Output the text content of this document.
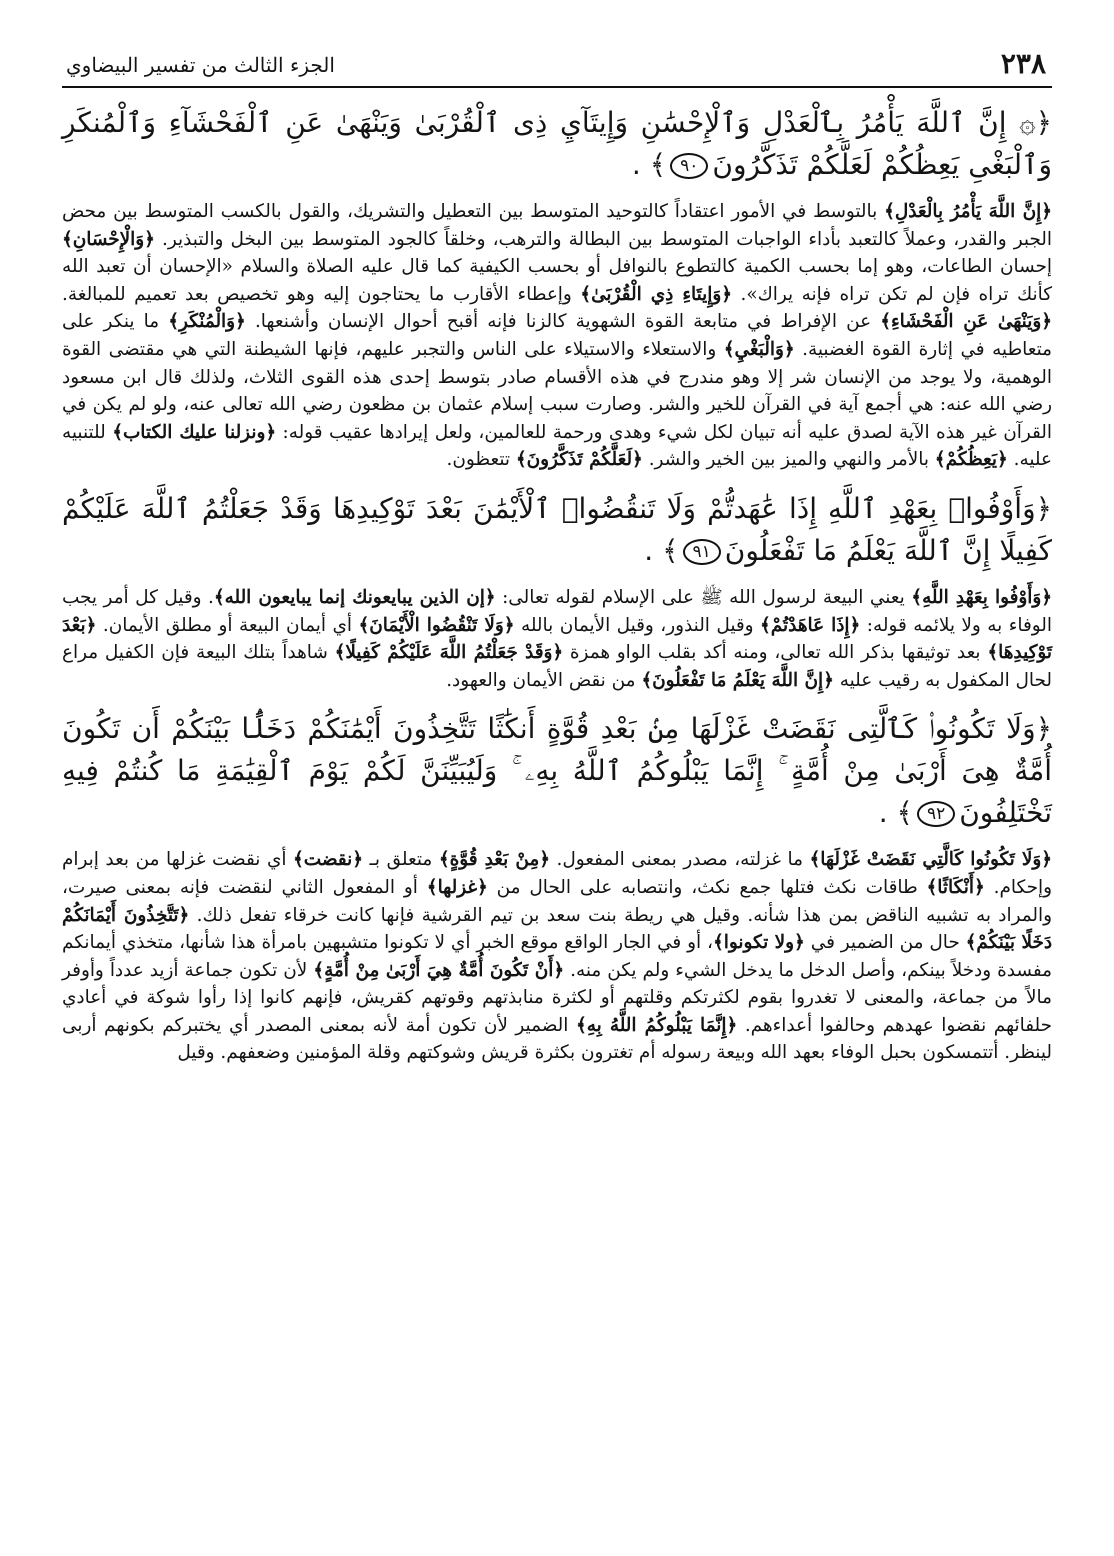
٢٣٨
الجزء الثالث من تفسير البيضاوي

﴿۞ إِنَّ ٱللَّهَ يَأْمُرُ بِٱلْعَدْلِ وَٱلْإِحْسَٰنِ وَإِيتَآيِ ذِى ٱلْقُرْبَىٰ وَيَنْهَىٰ عَنِ ٱلْفَحْشَآءِ وَٱلْمُنكَرِ وَٱلْبَغْىِ يَعِظُكُمْ لَعَلَّكُمْ تَذَكَّرُونَ٩٠﴾ .

﴿إِنَّ اللَّهَ يَأْمُرُ بِالْعَدْلِ﴾ بالتوسط في الأمور اعتقاداً كالتوحيد المتوسط بين التعطيل والتشريك، والقول بالكسب المتوسط بين محض الجبر والقدر، وعملاً كالتعبد بأداء الواجبات المتوسط بين البطالة والترهب، وخلقاً كالجود المتوسط بين البخل والتبذير. ﴿وَالْإِحْسَانِ﴾ إحسان الطاعات، وهو إما بحسب الكمية كالتطوع بالنوافل أو بحسب الكيفية كما قال عليه الصلاة والسلام «الإحسان أن تعبد الله كأنك تراه فإن لم تكن تراه فإنه يراك». ﴿وَإِيتَاءِ ذِي الْقُرْبَىٰ﴾ وإعطاء الأقارب ما يحتاجون إليه وهو تخصيص بعد تعميم للمبالغة. ﴿وَيَنْهَىٰ عَنِ الْفَحْشَاءِ﴾ عن الإفراط في متابعة القوة الشهوية كالزنا فإنه أقبح أحوال الإنسان وأشنعها. ﴿وَالْمُنْكَرِ﴾ ما ينكر على متعاطيه في إثارة القوة الغضبية. ﴿وَالْبَغْيِ﴾ والاستعلاء والاستيلاء على الناس والتجبر عليهم، فإنها الشيطنة التي هي مقتضى القوة الوهمية، ولا يوجد من الإنسان شر إلا وهو مندرج في هذه الأقسام صادر بتوسط إحدى هذه القوى الثلاث، ولذلك قال ابن مسعود رضي الله عنه: هي أجمع آية في القرآن للخير والشر. وصارت سبب إسلام عثمان بن مظعون رضي الله تعالى عنه، ولو لم يكن في القرآن غير هذه الآية لصدق عليه أنه تبيان لكل شيء وهدى ورحمة للعالمين، ولعل إيرادها عقيب قوله: ﴿ونزلنا عليك الكتاب﴾ للتنبيه عليه. ﴿يَعِظُكُمْ﴾ بالأمر والنهي والميز بين الخير والشر. ﴿لَعَلَّكُمْ تَذَكَّرُونَ﴾ تتعظون.

﴿وَأَوْفُوا۟ بِعَهْدِ ٱللَّهِ إِذَا عَٰهَدتُّمْ وَلَا تَنقُضُوا۟ ٱلْأَيْمَٰنَ بَعْدَ تَوْكِيدِهَا وَقَدْ جَعَلْتُمُ ٱللَّهَ عَلَيْكُمْ كَفِيلًا إِنَّ ٱللَّهَ يَعْلَمُ مَا تَفْعَلُونَ٩١﴾ .

﴿وَأَوْفُوا بِعَهْدِ اللَّهِ﴾ يعني البيعة لرسول الله ﷺ على الإسلام لقوله تعالى: ﴿إن الذين يبايعونك إنما يبايعون الله﴾. وقيل كل أمر يجب الوفاء به ولا يلائمه قوله: ﴿إِذَا عَاهَدْتُمْ﴾ وقيل النذور، وقيل الأيمان بالله ﴿وَلَا تَنْقُضُوا الْأَيْمَانَ﴾ أي أيمان البيعة أو مطلق الأيمان. ﴿بَعْدَ تَوْكِيدِهَا﴾ بعد توثيقها بذكر الله تعالى، ومنه أكد بقلب الواو همزة ﴿وَقَدْ جَعَلْتُمُ اللَّهَ عَلَيْكُمْ كَفِيلًا﴾ شاهداً بتلك البيعة فإن الكفيل مراع لحال المكفول به رقيب عليه ﴿إِنَّ اللَّهَ يَعْلَمُ مَا تَفْعَلُونَ﴾ من نقض الأيمان والعهود.

﴿وَلَا تَكُونُوا۟ كَٱلَّتِى نَقَضَتْ غَزْلَهَا مِنۢ بَعْدِ قُوَّةٍ أَنكَٰثًا تَتَّخِذُونَ أَيْمَٰنَكُمْ دَخَلًۢا بَيْنَكُمْ أَن تَكُونَ أُمَّةٌ هِىَ أَرْبَىٰ مِنْ أُمَّةٍ ۚ إِنَّمَا يَبْلُوكُمُ ٱللَّهُ بِهِۦ ۚ وَلَيُبَيِّنَنَّ لَكُمْ يَوْمَ ٱلْقِيَٰمَةِ مَا كُنتُمْ فِيهِ تَخْتَلِفُونَ٩٢﴾ .

﴿وَلَا تَكُونُوا كَالَّتِي نَقَضَتْ غَزْلَهَا﴾ ما غزلته، مصدر بمعنى المفعول. ﴿مِنْ بَعْدِ قُوَّةٍ﴾ متعلق بـ ﴿نقضت﴾ أي نقضت غزلها من بعد إبرام وإحكام. ﴿أَنْكَاثًا﴾ طاقات نكث فتلها جمع نكث، وانتصابه على الحال من ﴿غزلها﴾ أو المفعول الثاني لنقضت فإنه بمعنى صيرت، والمراد به تشبيه الناقض بمن هذا شأنه. وقيل هي ريطة بنت سعد بن تيم القرشية فإنها كانت خرقاء تفعل ذلك. ﴿تَتَّخِذُونَ أَيْمَانَكُمْ دَخَلًا بَيْنَكُمْ﴾ حال من الضمير في ﴿ولا تكونوا﴾، أو في الجار الواقع موقع الخبر أي لا تكونوا متشبهين بامرأة هذا شأنها، متخذي أيمانكم مفسدة ودخلاً بينكم، وأصل الدخل ما يدخل الشيء ولم يكن منه. ﴿أَنْ تَكُونَ أُمَّةٌ هِيَ أَرْبَىٰ مِنْ أُمَّةٍ﴾ لأن تكون جماعة أزيد عدداً وأوفر مالاً من جماعة، والمعنى لا تغدروا بقوم لكثرتكم وقلتهم أو لكثرة منابذتهم وقوتهم كقريش، فإنهم كانوا إذا رأوا شوكة في أعادي حلفائهم نقضوا عهدهم وحالفوا أعداءهم. ﴿إِنَّمَا يَبْلُوكُمُ اللَّهُ بِهِ﴾ الضمير لأن تكون أمة لأنه بمعنى المصدر أي يختبركم بكونهم أربى لينظر. أتتمسكون بحبل الوفاء بعهد الله وبيعة رسوله أم تغترون بكثرة قريش وشوكتهم وقلة المؤمنين وضعفهم. وقيل
